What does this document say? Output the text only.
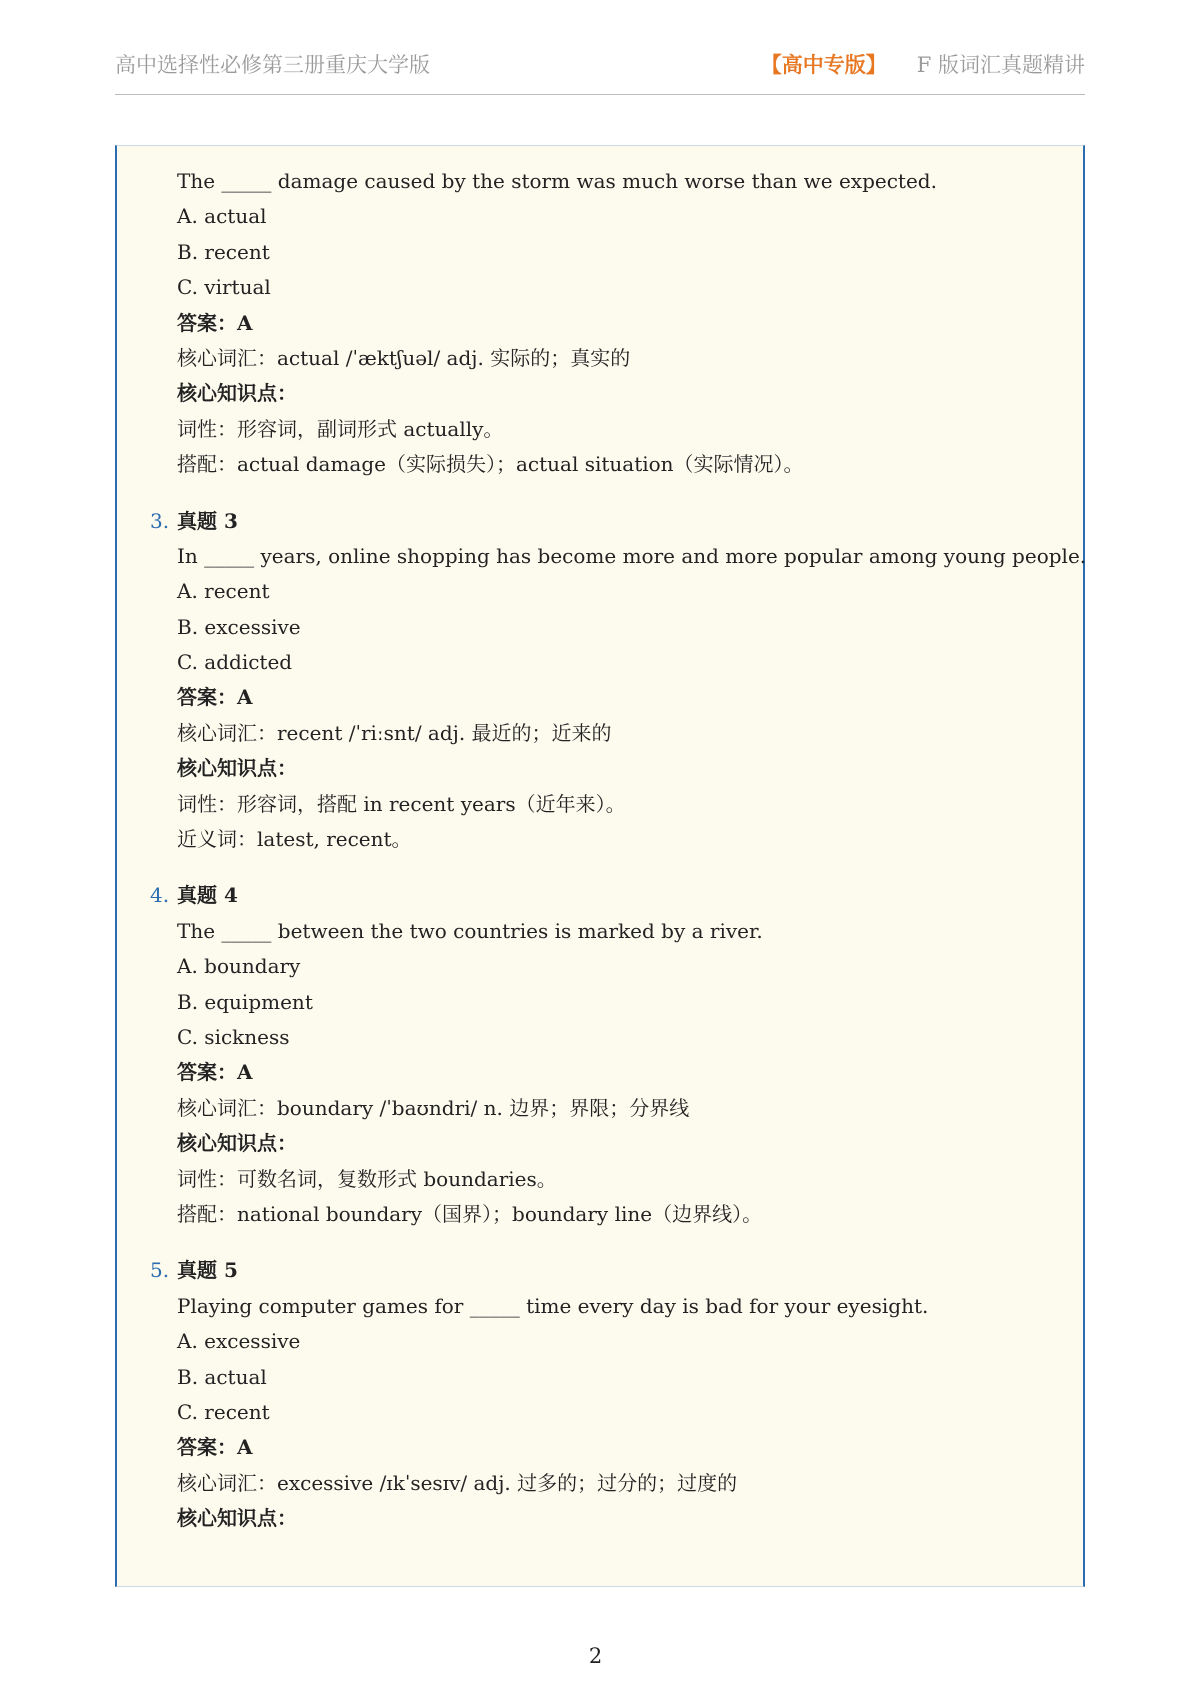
高中选择性必修第三册重庆大学版	【高中专版】 F 版词汇真题精讲
The _____ damage caused by the storm was much worse than we expected.
A. actual
B. recent
C. virtual
答案：A
核心词汇：actual /ˈæktʃuəl/ adj. 实际的；真实的
核心知识点：
词性：形容词，副词形式 actually。
搭配：actual damage（实际损失）；actual situation（实际情况）。
3. 真题 3
In _____ years, online shopping has become more and more popular among young people.
A. recent
B. excessive
C. addicted
答案：A
核心词汇：recent /ˈriːsnt/ adj. 最近的；近来的
核心知识点：
词性：形容词，搭配 in recent years（近年来）。
近义词：latest, recent。
4. 真题 4
The _____ between the two countries is marked by a river.
A. boundary
B. equipment
C. sickness
答案：A
核心词汇：boundary /ˈbaʊndri/ n. 边界；界限；分界线
核心知识点：
词性：可数名词，复数形式 boundaries。
搭配：national boundary（国界）；boundary line（边界线）。
5. 真题 5
Playing computer games for _____ time every day is bad for your eyesight.
A. excessive
B. actual
C. recent
答案：A
核心词汇：excessive /ɪkˈsesɪv/ adj. 过多的；过分的；过度的
核心知识点：
2
